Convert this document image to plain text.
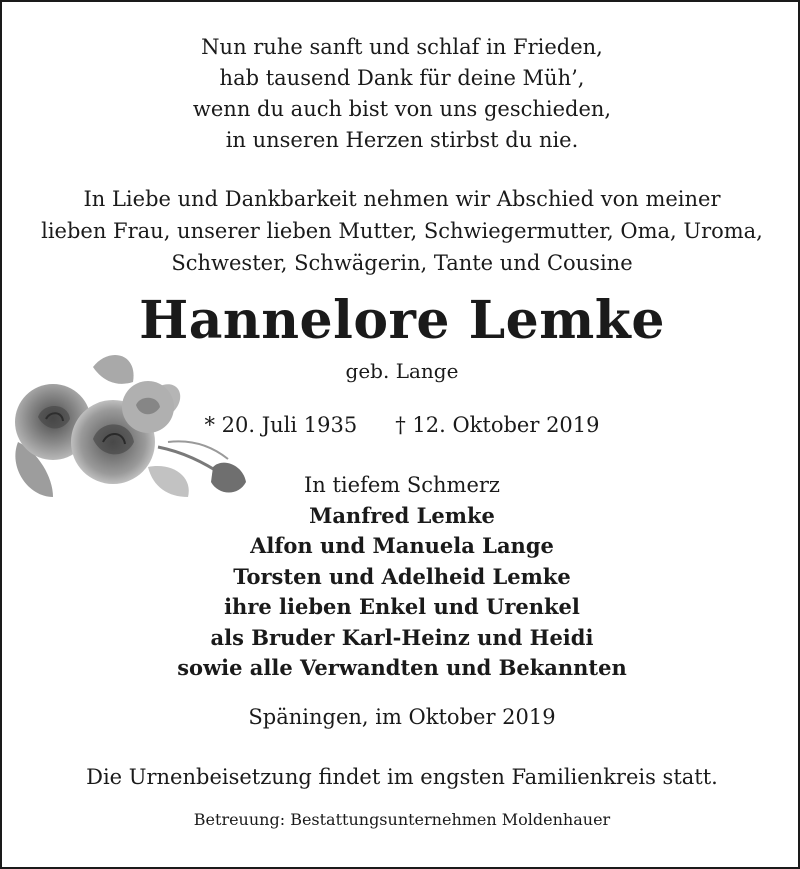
Nun ruhe sanft und schlaf in Frieden,
hab tausend Dank für deine Müh’,
wenn du auch bist von uns geschieden,
in unseren Herzen stirbst du nie.
In Liebe und Dankbarkeit nehmen wir Abschied von meiner
lieben Frau, unserer lieben Mutter, Schwiegermutter, Oma, Uroma,
Schwester, Schwägerin, Tante und Cousine
Hannelore Lemke
geb. Lange
* 20. Juli 1935 † 12. Oktober 2019
In tiefem Schmerz
Manfred Lemke
Alfon und Manuela Lange
Torsten und Adelheid Lemke
ihre lieben Enkel und Urenkel
als Bruder Karl-Heinz und Heidi
sowie alle Verwandten und Bekannten
Späningen, im Oktober 2019
Die Urnenbeisetzung findet im engsten Familienkreis statt.
Betreuung: Bestattungsunternehmen Moldenhauer
